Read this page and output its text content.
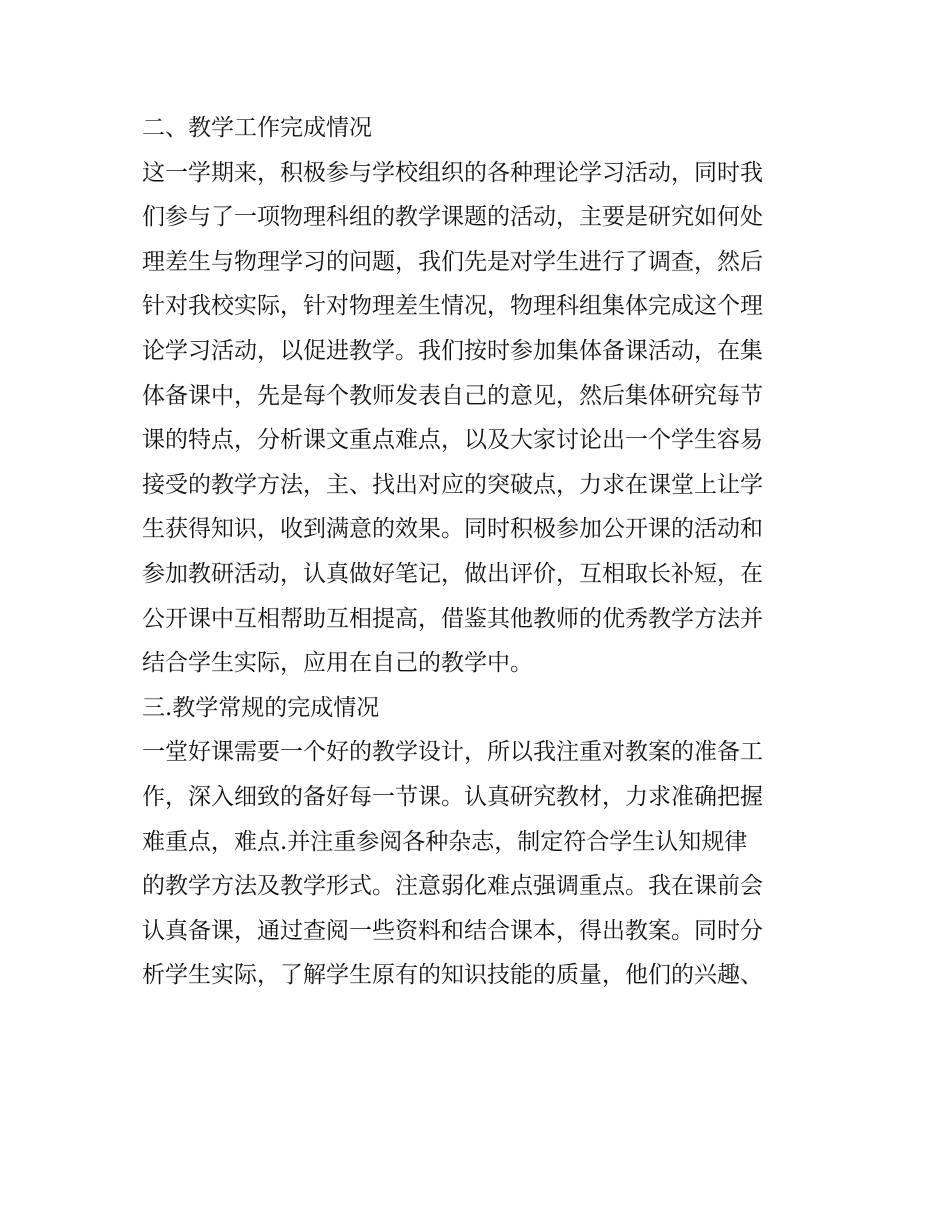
二、教学工作完成情况
这一学期来，积极参与学校组织的各种理论学习活动，同时我
们参与了一项物理科组的教学课题的活动，主要是研究如何处
理差生与物理学习的问题，我们先是对学生进行了调查，然后
针对我校实际，针对物理差生情况，物理科组集体完成这个理
论学习活动，以促进教学。我们按时参加集体备课活动，在集
体备课中，先是每个教师发表自己的意见，然后集体研究每节
课的特点，分析课文重点难点，以及大家讨论出一个学生容易
接受的教学方法，主、找出对应的突破点，力求在课堂上让学
生获得知识，收到满意的效果。同时积极参加公开课的活动和
参加教研活动，认真做好笔记，做出评价，互相取长补短，在
公开课中互相帮助互相提高，借鉴其他教师的优秀教学方法并
结合学生实际，应用在自己的教学中。
三.教学常规的完成情况
一堂好课需要一个好的教学设计，所以我注重对教案的准备工
作，深入细致的备好每一节课。认真研究教材，力求准确把握
难重点，难点.并注重参阅各种杂志，制定符合学生认知规律
的教学方法及教学形式。注意弱化难点强调重点。我在课前会
认真备课，通过查阅一些资料和结合课本，得出教案。同时分
析学生实际，了解学生原有的知识技能的质量，他们的兴趣、
